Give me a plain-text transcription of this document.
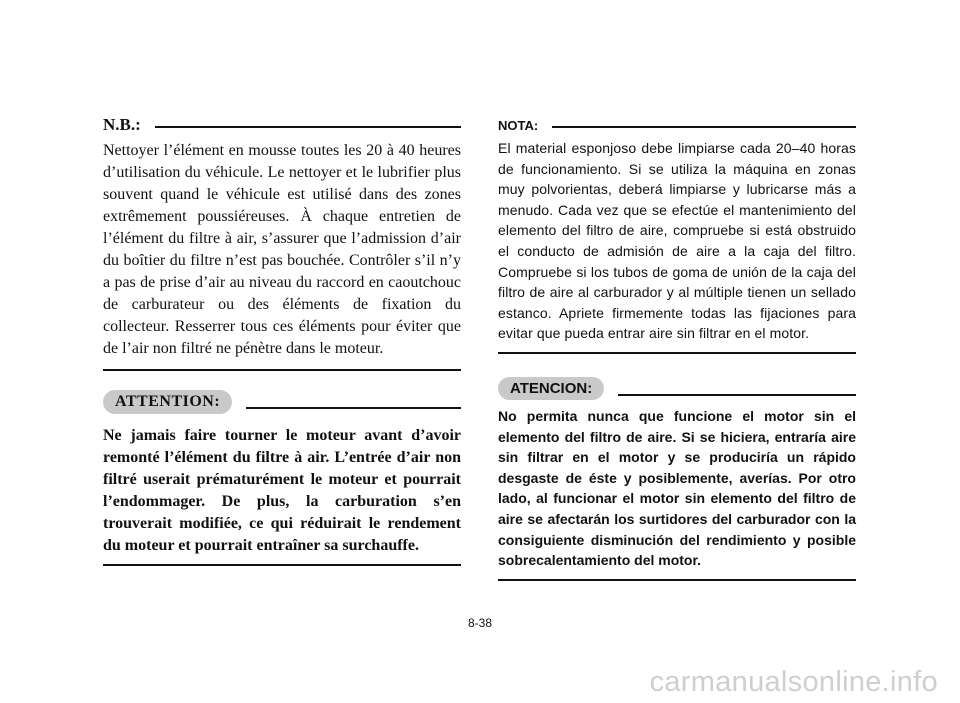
N.B.:

Nettoyer l’élément en mousse toutes les 20 à 40 heures d’utilisation du véhicule. Le nettoyer et le lubrifier plus souvent quand le véhicule est utilisé dans des zones extrêmement poussiéreuses. À chaque entretien de l’élément du filtre à air, s’assurer que l’admission d’air du boîtier du filtre n’est pas bouchée. Contrôler s’il n’y a pas de prise d’air au niveau du raccord en caoutchouc de carburateur ou des éléments de fixation du collecteur. Resserrer tous ces éléments pour éviter que de l’air non filtré ne pénètre dans le moteur.

ATTENTION:

Ne jamais faire tourner le moteur avant d’avoir remonté l’élément du filtre à air. L’entrée d’air non filtré userait prématurément le moteur et pourrait l’endommager. De plus, la carburation s’en trouverait modifiée, ce qui réduirait le rendement du moteur et pourrait entraîner sa surchauffe.

NOTA:

El material esponjoso debe limpiarse cada 20–40 horas de funcionamiento. Si se utiliza la máquina en zonas muy polvorientas, deberá limpiarse y lubricarse más a menudo. Cada vez que se efectúe el mantenimiento del elemento del filtro de aire, compruebe si está obstruido el conducto de admisión de aire a la caja del filtro. Compruebe si los tubos de goma de unión de la caja del filtro de aire al carburador y al múltiple tienen un sellado estanco. Apriete firmemente todas las fijaciones para evitar que pueda entrar aire sin filtrar en el motor.

ATENCION:

No permita nunca que funcione el motor sin el elemento del filtro de aire. Si se hiciera, entraría aire sin filtrar en el motor y se produciría un rápido desgaste de éste y posiblemente, averías. Por otro lado, al funcionar el motor sin elemento del filtro de aire se afectarán los surtidores del carburador con la consiguiente disminución del rendimiento y posible sobrecalentamiento del motor.

8-38
carmanualsonline.info
